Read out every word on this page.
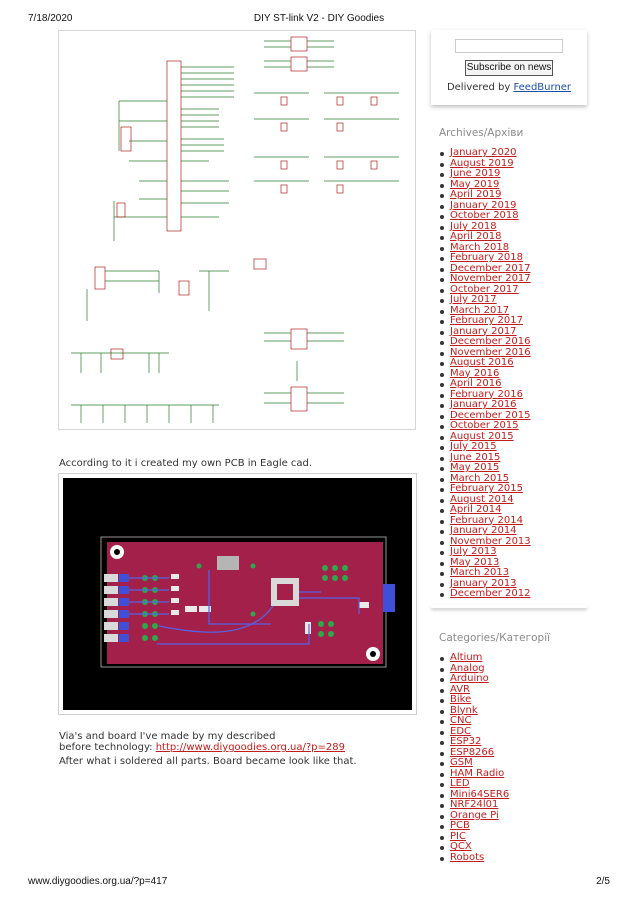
7/18/2020	DIY ST-link V2 - DIY Goodies
According to it i created my own PCB in Eagle cad.
Via's and board I've made by my described
before technology: http://www.diygoodies.org.ua/?p=289
After what i soldered all parts. Board became look like that.
Subscribe on news
Delivered by FeedBurner
Archives/Архіви
January 2020
August 2019
June 2019
May 2019
April 2019
January 2019
October 2018
July 2018
April 2018
March 2018
February 2018
December 2017
November 2017
October 2017
July 2017
March 2017
February 2017
January 2017
December 2016
November 2016
August 2016
May 2016
April 2016
February 2016
January 2016
December 2015
October 2015
August 2015
July 2015
June 2015
May 2015
March 2015
February 2015
August 2014
April 2014
February 2014
January 2014
November 2013
July 2013
May 2013
March 2013
January 2013
December 2012
Categories/Категорії
Altium
Analog
Arduino
AVR
Bike
Blynk
CNC
EDC
ESP32
ESP8266
GSM
HAM Radio
LED
Mini64SER6
NRF24l01
Orange Pi
PCB
PIC
QCX
Robots
www.diygoodies.org.ua/?p=417	2/5
